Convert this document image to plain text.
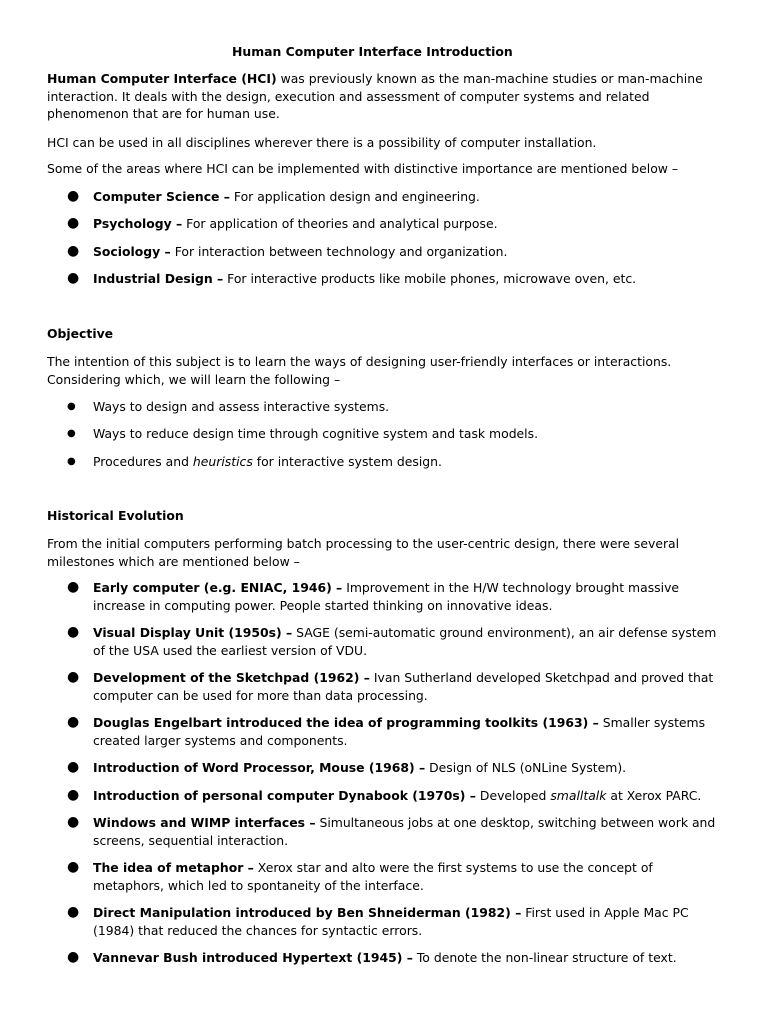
Human Computer Interface Introduction
Human Computer Interface (HCI) was previously known as the man-machine studies or man-machine interaction. It deals with the design, execution and assessment of computer systems and related phenomenon that are for human use.
HCI can be used in all disciplines wherever there is a possibility of computer installation.
Some of the areas where HCI can be implemented with distinctive importance are mentioned below –
● Computer Science – For application design and engineering.
● Psychology – For application of theories and analytical purpose.
● Sociology – For interaction between technology and organization.
● Industrial Design – For interactive products like mobile phones, microwave oven, etc.
Objective
The intention of this subject is to learn the ways of designing user-friendly interfaces or interactions. Considering which, we will learn the following –
● Ways to design and assess interactive systems.
● Ways to reduce design time through cognitive system and task models.
● Procedures and heuristics for interactive system design.
Historical Evolution
From the initial computers performing batch processing to the user-centric design, there were several milestones which are mentioned below –
● Early computer (e.g. ENIAC, 1946) – Improvement in the H/W technology brought massive increase in computing power. People started thinking on innovative ideas.
● Visual Display Unit (1950s) – SAGE (semi-automatic ground environment), an air defense system of the USA used the earliest version of VDU.
● Development of the Sketchpad (1962) – Ivan Sutherland developed Sketchpad and proved that computer can be used for more than data processing.
● Douglas Engelbart introduced the idea of programming toolkits (1963) – Smaller systems created larger systems and components.
● Introduction of Word Processor, Mouse (1968) – Design of NLS (oNLine System).
● Introduction of personal computer Dynabook (1970s) – Developed smalltalk at Xerox PARC.
● Windows and WIMP interfaces – Simultaneous jobs at one desktop, switching between work and screens, sequential interaction.
● The idea of metaphor – Xerox star and alto were the first systems to use the concept of metaphors, which led to spontaneity of the interface.
● Direct Manipulation introduced by Ben Shneiderman (1982) – First used in Apple Mac PC (1984) that reduced the chances for syntactic errors.
● Vannevar Bush introduced Hypertext (1945) – To denote the non-linear structure of text.
